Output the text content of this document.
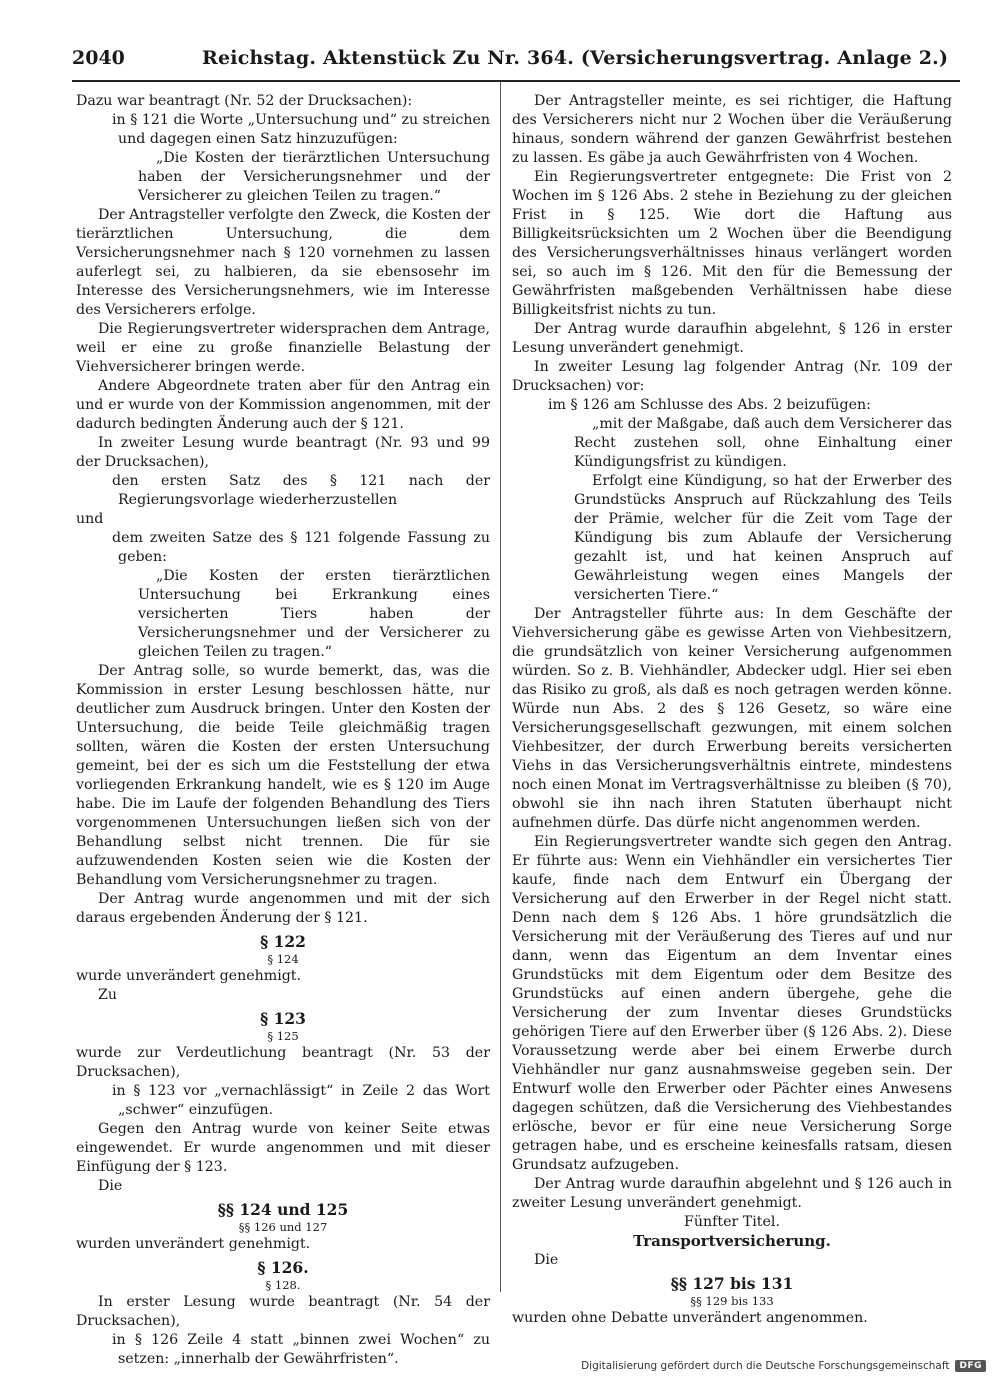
2040	Reichstag. Aktenstück Zu Nr. 364. (Versicherungsvertrag. Anlage 2.)

Dazu war beantragt (Nr. 52 der Drucksachen):

in § 121 die Worte „Untersuchung und“ zu streichen und dagegen einen Satz hinzuzufügen:

„Die Kosten der tierärztlichen Untersuchung haben der Versicherungsnehmer und der Versicherer zu gleichen Teilen zu tragen.“

Der Antragsteller verfolgte den Zweck, die Kosten der tierärztlichen Untersuchung, die dem Versicherungsnehmer nach § 120 vornehmen zu lassen auferlegt sei, zu halbieren, da sie ebensosehr im Interesse des Versicherungsnehmers, wie im Interesse des Versicherers erfolge.

Die Regierungsvertreter widersprachen dem Antrage, weil er eine zu große finanzielle Belastung der Viehversicherer bringen werde.

Andere Abgeordnete traten aber für den Antrag ein und er wurde von der Kommission angenommen, mit der dadurch bedingten Änderung auch der § 121.

In zweiter Lesung wurde beantragt (Nr. 93 und 99 der Drucksachen),

den ersten Satz des § 121 nach der Regierungsvorlage wiederherzustellen

und

dem zweiten Satze des § 121 folgende Fassung zu geben:

„Die Kosten der ersten tierärztlichen Untersuchung bei Erkrankung eines versicherten Tiers haben der Versicherungsnehmer und der Versicherer zu gleichen Teilen zu tragen.“

Der Antrag solle, so wurde bemerkt, das, was die Kommission in erster Lesung beschlossen hätte, nur deutlicher zum Ausdruck bringen. Unter den Kosten der Untersuchung, die beide Teile gleichmäßig tragen sollten, wären die Kosten der ersten Untersuchung gemeint, bei der es sich um die Feststellung der etwa vorliegenden Erkrankung handelt, wie es § 120 im Auge habe. Die im Laufe der folgenden Behandlung des Tiers vorgenommenen Untersuchungen ließen sich von der Behandlung selbst nicht trennen. Die für sie aufzuwendenden Kosten seien wie die Kosten der Behandlung vom Versicherungsnehmer zu tragen.

Der Antrag wurde angenommen und mit der sich daraus ergebenden Änderung der § 121.

§ 122

§ 124

wurde unverändert genehmigt.

Zu

§ 123

§ 125

wurde zur Verdeutlichung beantragt (Nr. 53 der Drucksachen),

in § 123 vor „vernachlässigt“ in Zeile 2 das Wort „schwer“ einzufügen.

Gegen den Antrag wurde von keiner Seite etwas eingewendet. Er wurde angenommen und mit dieser Einfügung der § 123.

Die

§§ 124 und 125

§§ 126 und 127

wurden unverändert genehmigt.

§ 126.

§ 128.

In erster Lesung wurde beantragt (Nr. 54 der Drucksachen),

in § 126 Zeile 4 statt „binnen zwei Wochen“ zu setzen: „innerhalb der Gewährfristen“.

Der Antragsteller meinte, es sei richtiger, die Haftung des Versicherers nicht nur 2 Wochen über die Veräußerung hinaus, sondern während der ganzen Gewährfrist bestehen zu lassen. Es gäbe ja auch Gewährfristen von 4 Wochen.

Ein Regierungsvertreter entgegnete: Die Frist von 2 Wochen im § 126 Abs. 2 stehe in Beziehung zu der gleichen Frist in § 125. Wie dort die Haftung aus Billigkeitsrücksichten um 2 Wochen über die Beendigung des Versicherungsverhältnisses hinaus verlängert worden sei, so auch im § 126. Mit den für die Bemessung der Gewährfristen maßgebenden Verhältnissen habe diese Billigkeitsfrist nichts zu tun.

Der Antrag wurde daraufhin abgelehnt, § 126 in erster Lesung unverändert genehmigt.

In zweiter Lesung lag folgender Antrag (Nr. 109 der Drucksachen) vor:

im § 126 am Schlusse des Abs. 2 beizufügen:

„mit der Maßgabe, daß auch dem Versicherer das Recht zustehen soll, ohne Einhaltung einer Kündigungsfrist zu kündigen.

Erfolgt eine Kündigung, so hat der Erwerber des Grundstücks Anspruch auf Rückzahlung des Teils der Prämie, welcher für die Zeit vom Tage der Kündigung bis zum Ablaufe der Versicherung gezahlt ist, und hat keinen Anspruch auf Gewährleistung wegen eines Mangels der versicherten Tiere.“

Der Antragsteller führte aus: In dem Geschäfte der Viehversicherung gäbe es gewisse Arten von Viehbesitzern, die grundsätzlich von keiner Versicherung aufgenommen würden. So z. B. Viehhändler, Abdecker udgl. Hier sei eben das Risiko zu groß, als daß es noch getragen werden könne. Würde nun Abs. 2 des § 126 Gesetz, so wäre eine Versicherungsgesellschaft gezwungen, mit einem solchen Viehbesitzer, der durch Erwerbung bereits versicherten Viehs in das Versicherungsverhältnis eintrete, mindestens noch einen Monat im Vertragsverhältnisse zu bleiben (§ 70), obwohl sie ihn nach ihren Statuten überhaupt nicht aufnehmen dürfe. Das dürfe nicht angenommen werden.

Ein Regierungsvertreter wandte sich gegen den Antrag. Er führte aus: Wenn ein Viehhändler ein versichertes Tier kaufe, finde nach dem Entwurf ein Übergang der Versicherung auf den Erwerber in der Regel nicht statt. Denn nach dem § 126 Abs. 1 höre grundsätzlich die Versicherung mit der Veräußerung des Tieres auf und nur dann, wenn das Eigentum an dem Inventar eines Grundstücks mit dem Eigentum oder dem Besitze des Grundstücks auf einen andern übergehe, gehe die Versicherung der zum Inventar dieses Grundstücks gehörigen Tiere auf den Erwerber über (§ 126 Abs. 2). Diese Voraussetzung werde aber bei einem Erwerbe durch Viehhändler nur ganz ausnahmsweise gegeben sein. Der Entwurf wolle den Erwerber oder Pächter eines Anwesens dagegen schützen, daß die Versicherung des Viehbestandes erlösche, bevor er für eine neue Versicherung Sorge getragen habe, und es erscheine keinesfalls ratsam, diesen Grundsatz aufzugeben.

Der Antrag wurde daraufhin abgelehnt und § 126 auch in zweiter Lesung unverändert genehmigt.

Fünfter Titel.

Transportversicherung.

Die

§§ 127 bis 131

§§ 129 bis 133

wurden ohne Debatte unverändert angenommen.

Digitalisierung gefördert durch die Deutsche Forschungsgemeinschaft	DFG
